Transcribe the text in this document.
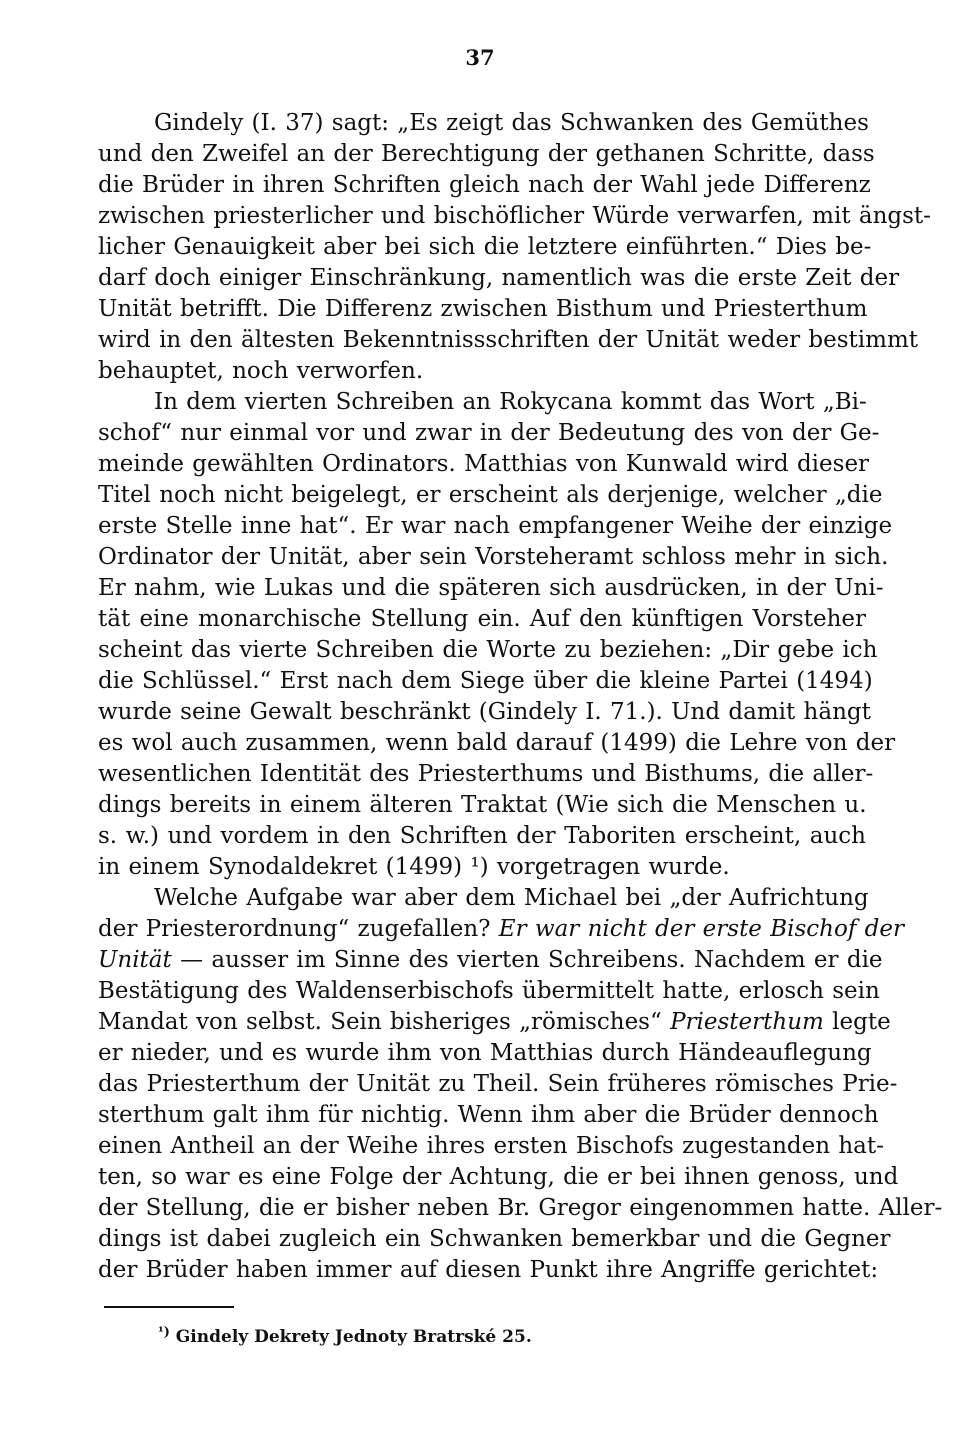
37
Gindely (I. 37) sagt: „Es zeigt das Schwanken des Gemüthes
und den Zweifel an der Berechtigung der gethanen Schritte, dass
die Brüder in ihren Schriften gleich nach der Wahl jede Differenz
zwischen priesterlicher und bischöflicher Würde verwarfen, mit ängst-
licher Genauigkeit aber bei sich die letztere einführten.“ Dies be-
darf doch einiger Einschränkung, namentlich was die erste Zeit der
Unität betrifft. Die Differenz zwischen Bisthum und Priesterthum
wird in den ältesten Bekenntnissschriften der Unität weder bestimmt
behauptet, noch verworfen.
In dem vierten Schreiben an Rokycana kommt das Wort „Bi-
schof“ nur einmal vor und zwar in der Bedeutung des von der Ge-
meinde gewählten Ordinators. Matthias von Kunwald wird dieser
Titel noch nicht beigelegt, er erscheint als derjenige, welcher „die
erste Stelle inne hat“. Er war nach empfangener Weihe der einzige
Ordinator der Unität, aber sein Vorsteheramt schloss mehr in sich.
Er nahm, wie Lukas und die späteren sich ausdrücken, in der Uni-
tät eine monarchische Stellung ein. Auf den künftigen Vorsteher
scheint das vierte Schreiben die Worte zu beziehen: „Dir gebe ich
die Schlüssel.“ Erst nach dem Siege über die kleine Partei (1494)
wurde seine Gewalt beschränkt (Gindely I. 71.). Und damit hängt
es wol auch zusammen, wenn bald darauf (1499) die Lehre von der
wesentlichen Identität des Priesterthums und Bisthums, die aller-
dings bereits in einem älteren Traktat (Wie sich die Menschen u.
s. w.) und vordem in den Schriften der Taboriten erscheint, auch
in einem Synodaldekret (1499) ¹) vorgetragen wurde.
Welche Aufgabe war aber dem Michael bei „der Aufrichtung
der Priesterordnung“ zugefallen? Er war nicht der erste Bischof der
Unität — ausser im Sinne des vierten Schreibens. Nachdem er die
Bestätigung des Waldenserbischofs übermittelt hatte, erlosch sein
Mandat von selbst. Sein bisheriges „römisches“ Priesterthum legte
er nieder, und es wurde ihm von Matthias durch Händeauflegung
das Priesterthum der Unität zu Theil. Sein früheres römisches Prie-
sterthum galt ihm für nichtig. Wenn ihm aber die Brüder dennoch
einen Antheil an der Weihe ihres ersten Bischofs zugestanden hat-
ten, so war es eine Folge der Achtung, die er bei ihnen genoss, und
der Stellung, die er bisher neben Br. Gregor eingenommen hatte. Aller-
dings ist dabei zugleich ein Schwanken bemerkbar und die Gegner
der Brüder haben immer auf diesen Punkt ihre Angriffe gerichtet:
$^{^1)}$ Gindely Dekrety Jednoty Bratrské 25.
